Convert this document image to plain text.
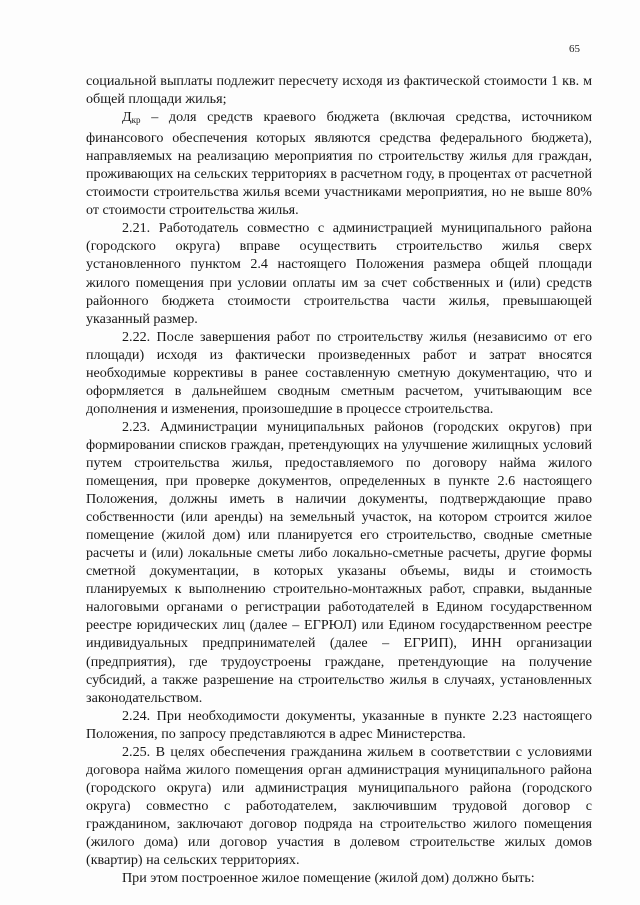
65

социальной выплаты подлежит пересчету исходя из фактической стоимости 1 кв. м общей площади жилья;

$Д_{кр}$ – доля средств краевого бюджета (включая средства, источником финансового обеспечения которых являются средства федерального бюджета), направляемых на реализацию мероприятия по строительству жилья для граждан, проживающих на сельских территориях в расчетном году, в процентах от расчетной стоимости строительства жилья всеми участниками мероприятия, но не выше 80% от стоимости строительства жилья.

2.21. Работодатель совместно с администрацией муниципального района (городского округа) вправе осуществить строительство жилья сверх установленного пунктом 2.4 настоящего Положения размера общей площади жилого помещения при условии оплаты им за счет собственных и (или) средств районного бюджета стоимости строительства части жилья, превышающей указанный размер.

2.22. После завершения работ по строительству жилья (независимо от его площади) исходя из фактически произведенных работ и затрат вносятся необходимые коррективы в ранее составленную сметную документацию, что и оформляется в дальнейшем сводным сметным расчетом, учитывающим все дополнения и изменения, произошедшие в процессе строительства.

2.23. Администрации муниципальных районов (городских округов) при формировании списков граждан, претендующих на улучшение жилищных условий путем строительства жилья, предоставляемого по договору найма жилого помещения, при проверке документов, определенных в пункте 2.6 настоящего Положения, должны иметь в наличии документы, подтверждающие право собственности (или аренды) на земельный участок, на котором строится жилое помещение (жилой дом) или планируется его строительство, сводные сметные расчеты и (или) локальные сметы либо локально-сметные расчеты, другие формы сметной документации, в которых указаны объемы, виды и стоимость планируемых к выполнению строительно-монтажных работ, справки, выданные налоговыми органами о регистрации работодателей в Едином государственном реестре юридических лиц (далее – ЕГРЮЛ) или Едином государственном реестре индивидуальных предпринимателей (далее – ЕГРИП), ИНН организации (предприятия), где трудоустроены граждане, претендующие на получение субсидий, а также разрешение на строительство жилья в случаях, установленных законодательством.

2.24. При необходимости документы, указанные в пункте 2.23 настоящего Положения, по запросу представляются в адрес Министерства.

2.25. В целях обеспечения гражданина жильем в соответствии с условиями договора найма жилого помещения орган администрация муниципального района (городского округа) или администрация муниципального района (городского округа) совместно с работодателем, заключившим трудовой договор с гражданином, заключают договор подряда на строительство жилого помещения (жилого дома) или договор участия в долевом строительстве жилых домов (квартир) на сельских территориях.

При этом построенное жилое помещение (жилой дом) должно быть:
